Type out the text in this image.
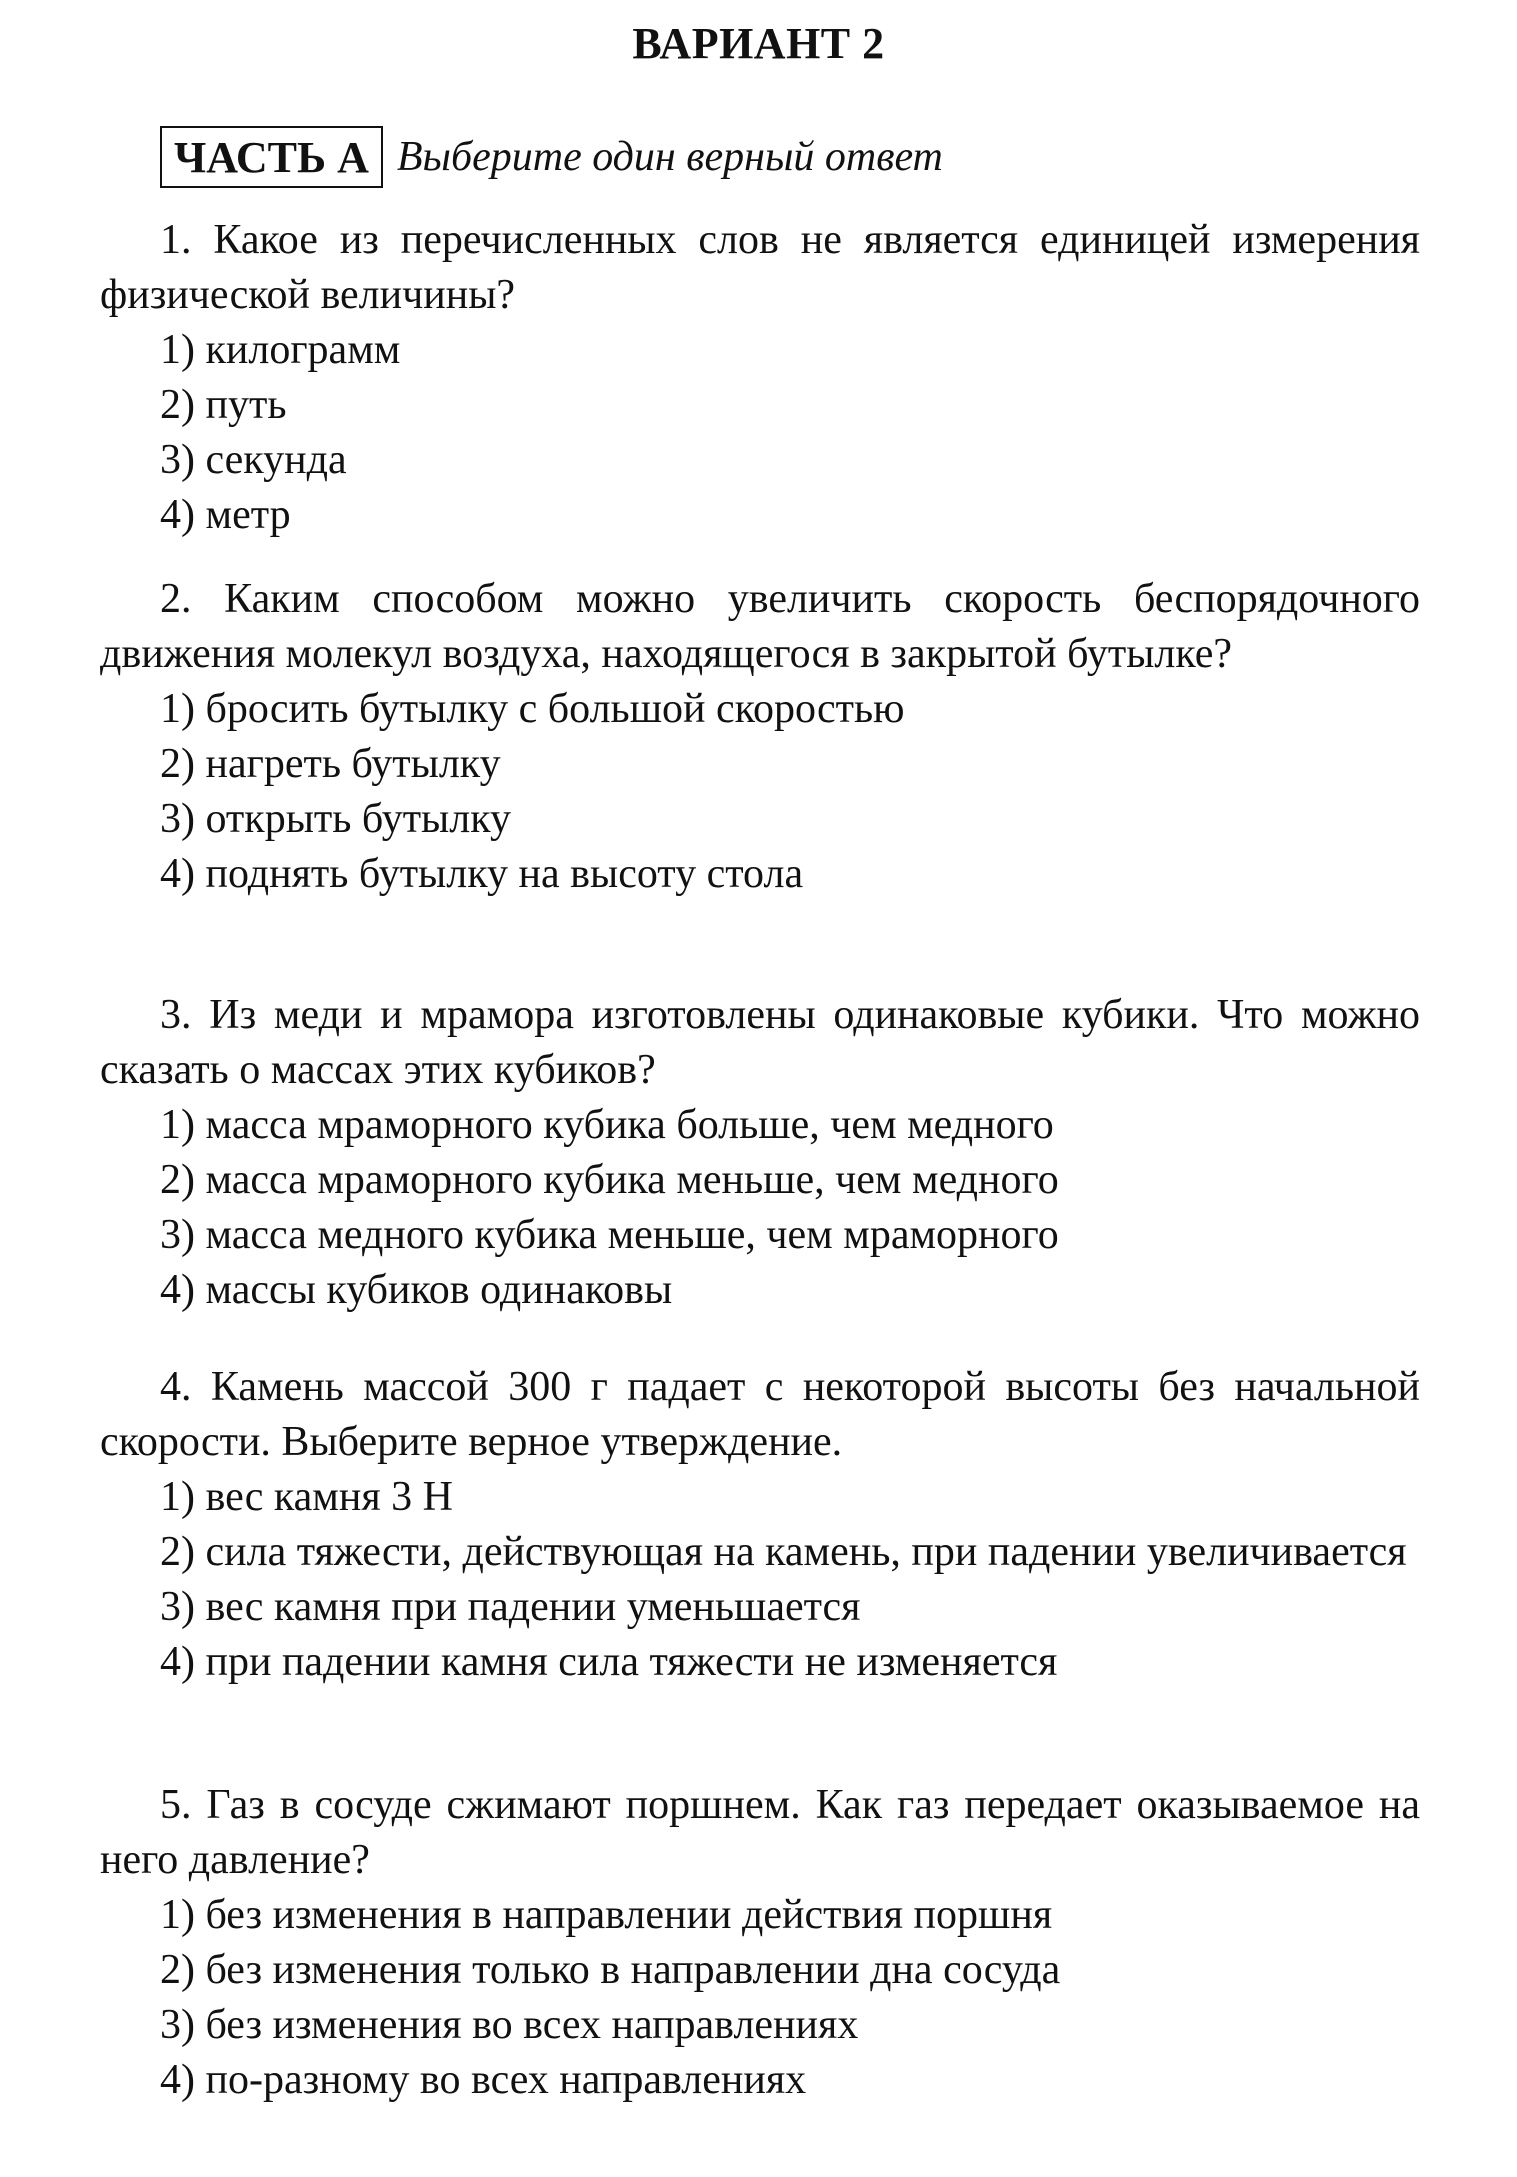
ВАРИАНТ 2
ЧАСТЬ А Выберите один верный ответ

1. Какое из перечисленных слов не является единицей измерения физической величины?

1) килограмм

2) путь

3) секунда

4) метр

2. Каким способом можно увеличить скорость беспорядочного движения молекул воздуха, находящегося в закрытой бутылке?

1) бросить бутылку с большой скоростью

2) нагреть бутылку

3) открыть бутылку

4) поднять бутылку на высоту стола

3. Из меди и мрамора изготовлены одинаковые кубики. Что можно сказать о массах этих кубиков?

1) масса мраморного кубика больше, чем медного

2) масса мраморного кубика меньше, чем медного

3) масса медного кубика меньше, чем мраморного

4) массы кубиков одинаковы

4. Камень массой 300 г падает с некоторой высоты без начальной скорости. Выберите верное утверждение.

1) вес камня 3 Н

2) сила тяжести, действующая на камень, при падении увеличивается

3) вес камня при падении уменьшается

4) при падении камня сила тяжести не изменяется

5. Газ в сосуде сжимают поршнем. Как газ передает оказываемое на него давление?

1) без изменения в направлении действия поршня

2) без изменения только в направлении дна сосуда

3) без изменения во всех направлениях

4) по-разному во всех направлениях
